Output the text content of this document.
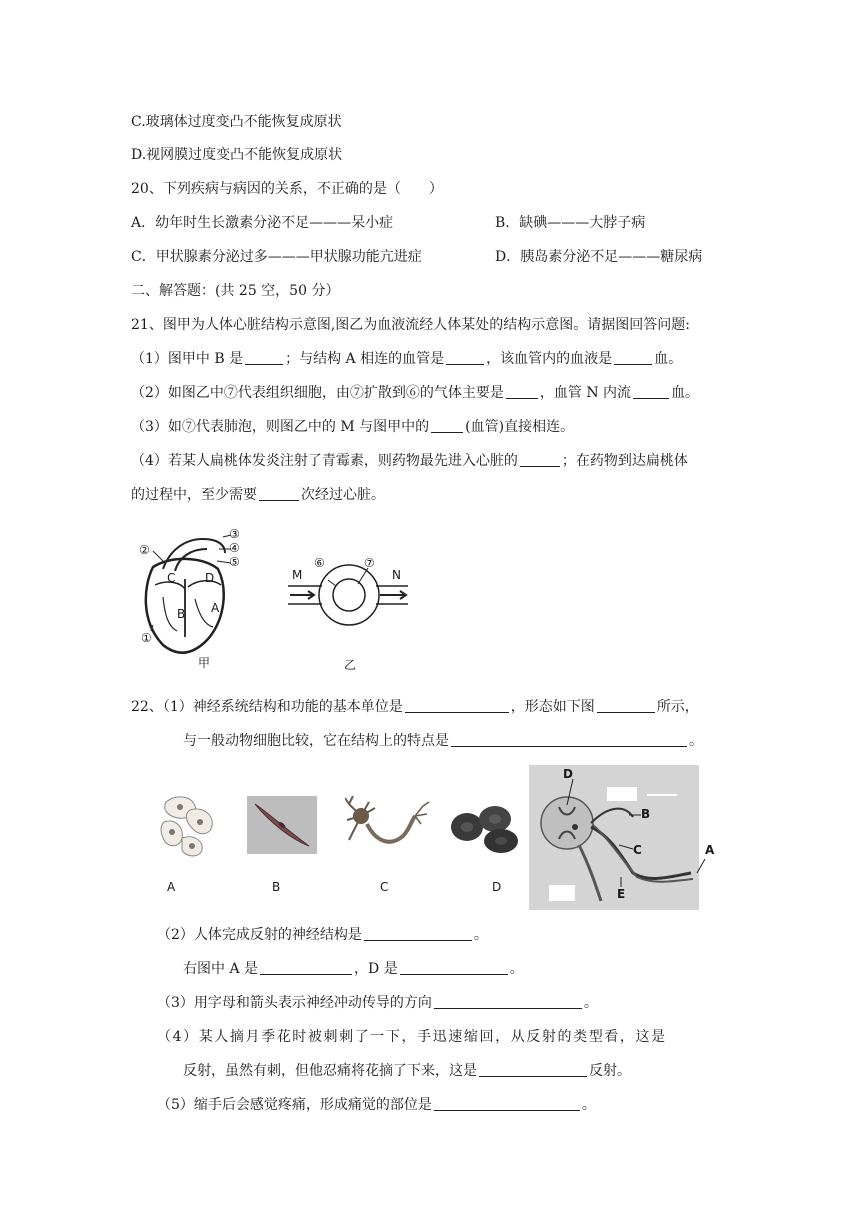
C.玻璃体过度变凸不能恢复成原状
D.视网膜过度变凸不能恢复成原状
20、下列疾病与病因的关系，不正确的是（　　）
A．幼年时生长激素分泌不足———呆小症	B．缺碘———大脖子病
C．甲状腺素分泌过多———甲状腺功能亢进症	D．胰岛素分泌不足———糖尿病
二、解答题：(共 25 空，50 分）
21、图甲为人体心脏结构示意图,图乙为血液流经人体某处的结构示意图。请据图回答问题:
（1）图甲中 B 是	；与结构 A 相连的血管是	，该血管内的血液是	血。
（2）如图乙中⑦代表组织细胞，由⑦扩散到⑥的气体主要是	，血管 N 内流	血。
（3）如⑦代表肺泡，则图乙中的 M 与图甲中的	(血管)直接相连。
（4）若某人扁桃体发炎注射了青霉素，则药物最先进入心脏的	；在药物到达扁桃体
的过程中，至少需要	次经过心脏。
②
③
④
⑤
①
C D
B A
甲
⑥	⑦
M	N
乙
22、（1）神经系统结构和功能的基本单位是	，形态如下图	所示，
与一般动物细胞比较，它在结构上的特点是	。
A	B	C	D
D
B
C	A
E
（2）人体完成反射的神经结构是	。
右图中 A 是	，D 是	。
（3）用字母和箭头表示神经冲动传导的方向	。
（4）某人摘月季花时被刺刺了一下，手迅速缩回，从反射的类型看，这是
反射，虽然有刺，但他忍痛将花摘了下来，这是	反射。
（5）缩手后会感觉疼痛，形成痛觉的部位是	。
